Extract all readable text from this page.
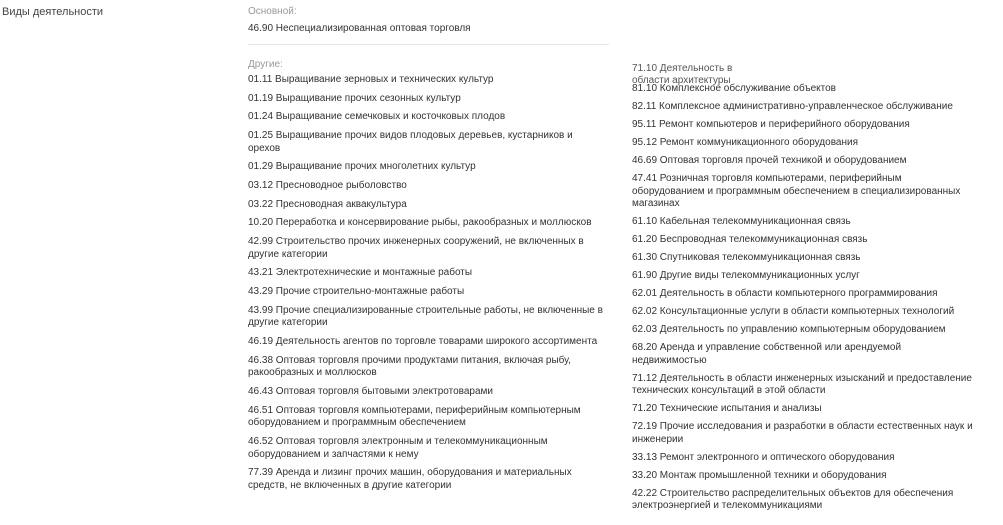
Виды деятельности	Основной:
46.90 Неспециализированная оптовая торговля
Другие:	71.10 Деятельность в области архитектуры
01.11 Выращивание зерновых и технических культур
01.19 Выращивание прочих сезонных культур
01.24 Выращивание семечковых и косточковых плодов
01.25 Выращивание прочих видов плодовых деревьев, кустарников и орехов
01.29 Выращивание прочих многолетних культур
03.12 Пресноводное рыболовство
03.22 Пресноводная аквакультура
10.20 Переработка и консервирование рыбы, ракообразных и моллюсков
42.99 Строительство прочих инженерных сооружений, не включенных в другие категории
43.21 Электротехнические и монтажные работы
43.29 Прочие строительно-монтажные работы
43.99 Прочие специализированные строительные работы, не включенные в другие категории
46.19 Деятельность агентов по торговле товарами широкого ассортимента
46.38 Оптовая торговля прочими продуктами питания, включая рыбу, ракообразных и моллюсков
46.43 Оптовая торговля бытовыми электротоварами
46.51 Оптовая торговля компьютерами, периферийным компьютерным оборудованием и программным обеспечением
46.52 Оптовая торговля электронным и телекоммуникационным оборудованием и запчастями к нему
77.39 Аренда и лизинг прочих машин, оборудования и материальных средств, не включенных в другие категории
81.10 Комплексное обслуживание объектов
82.11 Комплексное административно-управленческое обслуживание
95.11 Ремонт компьютеров и периферийного оборудования
95.12 Ремонт коммуникационного оборудования
46.69 Оптовая торговля прочей техникой и оборудованием
47.41 Розничная торговля компьютерами, периферийным оборудованием и программным обеспечением в специализированных магазинах
61.10 Кабельная телекоммуникационная связь
61.20 Беспроводная телекоммуникационная связь
61.30 Спутниковая телекоммуникационная связь
61.90 Другие виды телекоммуникационных услуг
62.01 Деятельность в области компьютерного программирования
62.02 Консультационные услуги в области компьютерных технологий
62.03 Деятельность по управлению компьютерным оборудованием
68.20 Аренда и управление собственной или арендуемой недвижимостью
71.12 Деятельность в области инженерных изысканий и предоставление технических консультаций в этой области
71.20 Технические испытания и анализы
72.19 Прочие исследования и разработки в области естественных наук и инженерии
33.13 Ремонт электронного и оптического оборудования
33.20 Монтаж промышленной техники и оборудования
42.22 Строительство распределительных объектов для обеспечения электроэнергией и телекоммуникациями
